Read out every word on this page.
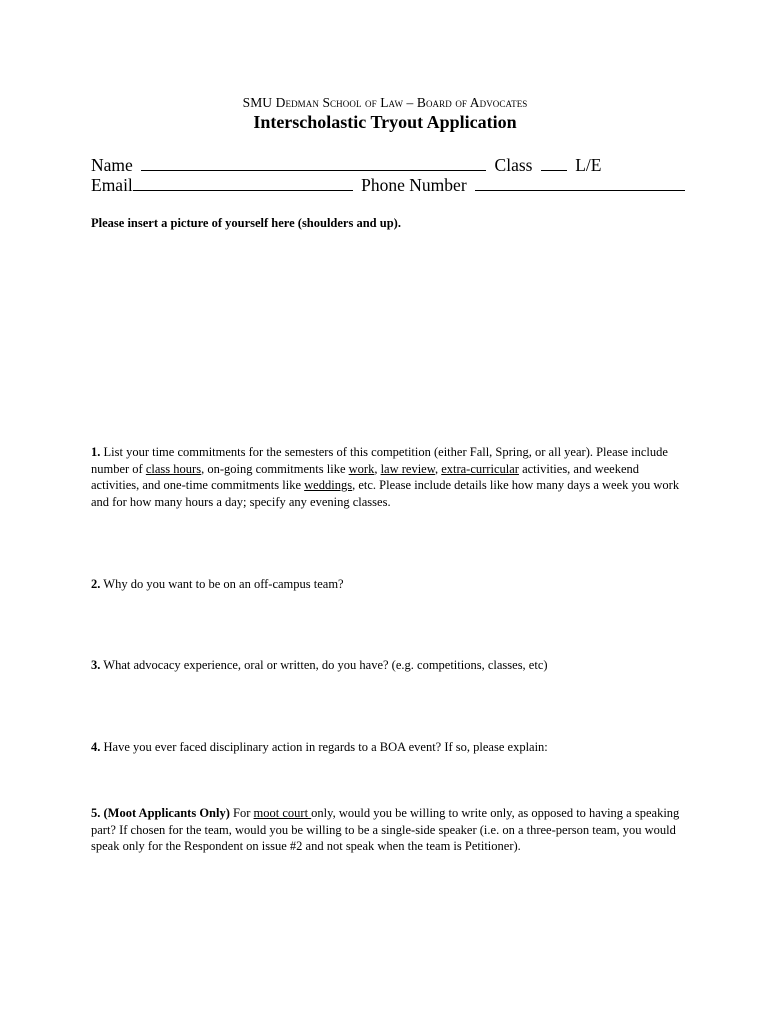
SMU Dedman School of Law – Board of Advocates
Interscholastic Tryout Application
Name	Class L/E
Email	Phone Number
Please insert a picture of yourself here (shoulders and up).
1. List your time commitments for the semesters of this competition (either Fall, Spring, or all year). Please include number of class hours, on-going commitments like work, law review, extra-curricular activities, and weekend activities, and one-time commitments like weddings, etc. Please include details like how many days a week you work and for how many hours a day; specify any evening classes.
2. Why do you want to be on an off-campus team?
3. What advocacy experience, oral or written, do you have? (e.g. competitions, classes, etc)
4. Have you ever faced disciplinary action in regards to a BOA event? If so, please explain:
5. (Moot Applicants Only) For moot court only, would you be willing to write only, as opposed to having a speaking part? If chosen for the team, would you be willing to be a single-side speaker (i.e. on a three-person team, you would speak only for the Respondent on issue #2 and not speak when the team is Petitioner).
